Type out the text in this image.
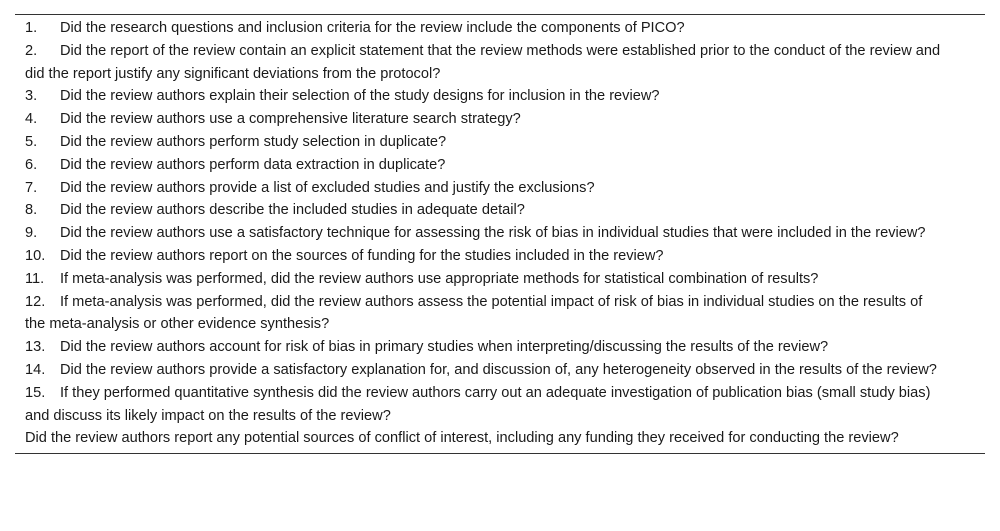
1. Did the research questions and inclusion criteria for the review include the components of PICO?

2. Did the report of the review contain an explicit statement that the review methods were established prior to the conduct of the review and did the report justify any significant deviations from the protocol?

3. Did the review authors explain their selection of the study designs for inclusion in the review?

4. Did the review authors use a comprehensive literature search strategy?

5. Did the review authors perform study selection in duplicate?

6. Did the review authors perform data extraction in duplicate?

7. Did the review authors provide a list of excluded studies and justify the exclusions?

8. Did the review authors describe the included studies in adequate detail?

9. Did the review authors use a satisfactory technique for assessing the risk of bias in individual studies that were included in the review?

10. Did the review authors report on the sources of funding for the studies included in the review?

11. If meta-analysis was performed, did the review authors use appropriate methods for statistical combination of results?

12. If meta-analysis was performed, did the review authors assess the potential impact of risk of bias in individual studies on the results of the meta-analysis or other evidence synthesis?

13. Did the review authors account for risk of bias in primary studies when interpreting/discussing the results of the review?

14. Did the review authors provide a satisfactory explanation for, and discussion of, any heterogeneity observed in the results of the review?

15. If they performed quantitative synthesis did the review authors carry out an adequate investigation of publication bias (small study bias) and discuss its likely impact on the results of the review?

Did the review authors report any potential sources of conflict of interest, including any funding they received for conducting the review?
